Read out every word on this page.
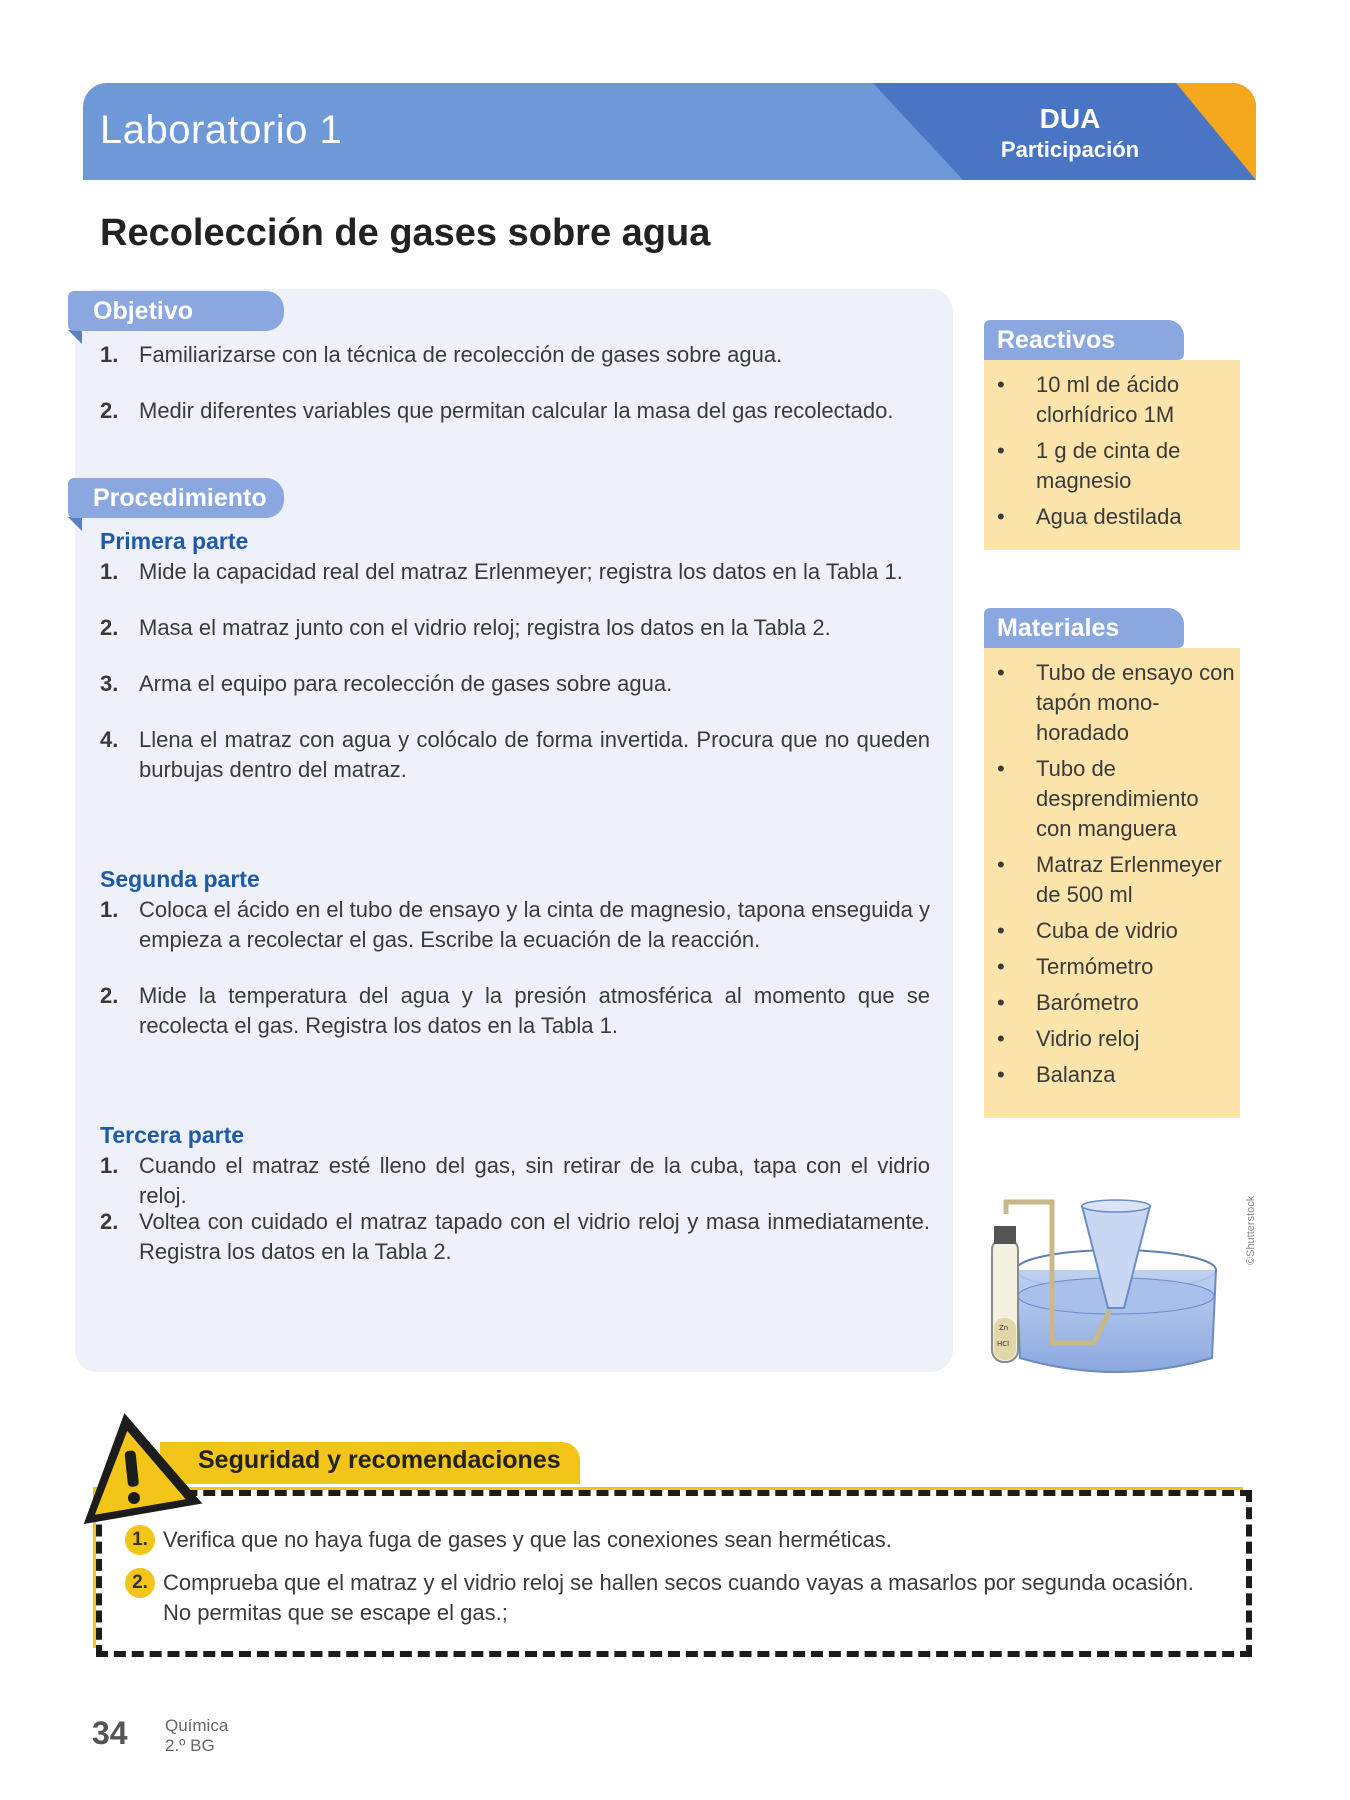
Laboratorio 1	DUA
Participación
Recolección de gases sobre agua
Objetivo
1. Familiarizarse con la técnica de recolección de gases sobre agua.
2. Medir diferentes variables que permitan calcular la masa del gas recolectado.
Procedimiento
Primera parte
1. Mide la capacidad real del matraz Erlenmeyer; registra los datos en la Tabla 1.
2. Masa el matraz junto con el vidrio reloj; registra los datos en la Tabla 2.
3. Arma el equipo para recolección de gases sobre agua.
4. Llena el matraz con agua y colócalo de forma invertida. Procura que no queden burbujas dentro del matraz.
Segunda parte
1. Coloca el ácido en el tubo de ensayo y la cinta de magnesio, tapona enseguida y empieza a recolectar el gas. Escribe la ecuación de la reacción.
2. Mide la temperatura del agua y la presión atmosférica al momento que se recolecta el gas. Registra los datos en la Tabla 1.
Tercera parte
1. Cuando el matraz esté lleno del gas, sin retirar de la cuba, tapa con el vidrio reloj.
2. Voltea con cuidado el matraz tapado con el vidrio reloj y masa inmediatamente. Registra los datos en la Tabla 2.
Reactivos
• 10 ml de ácido clorhídrico 1M
• 1 g de cinta de magnesio
• Agua destilada
Materiales
• Tubo de ensayo con tapón mono-horadado
• Tubo de desprendimiento con manguera
• Matraz Erlenmeyer de 500 ml
• Cuba de vidrio
• Termómetro
• Barómetro
• Vidrio reloj
• Balanza
Zn
HCl
©Shutterstock
Seguridad y recomendaciones
1. Verifica que no haya fuga de gases y que las conexiones sean herméticas.
2. Comprueba que el matraz y el vidrio reloj se hallen secos cuando vayas a masarlos por segunda ocasión. No permitas que se escape el gas.;
34 Química
2.º BG
